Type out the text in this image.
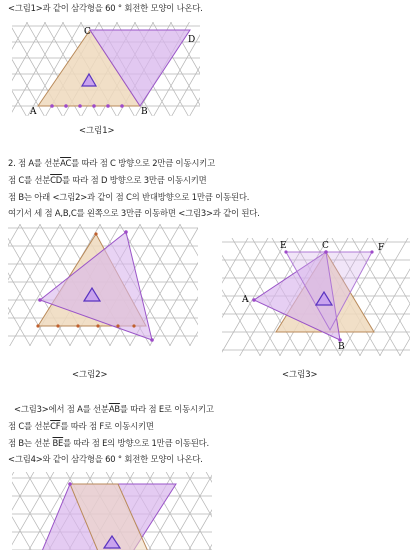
<그림1>과 같이 삼각형을 60 ° 회전한 모양이 나온다.
C
D
A	B
E	C	F
A
B
<그림1>
2. 점 A를 선분$\overline{AC}$를 따라 점 C 방향으로 2만큼 이동시키고
점 C를 선분$\overline{CD}$를 따라 점 D 방향으로 3만큼 이동시키면
점 B는 아래 <그림2>과 같이 점 C의 반대방향으로 1만큼 이동된다.
여기서 세 점 A,B,C를 왼쪽으로 3만큼 이동하면 <그림3>과 같이 된다.
<그림2>	<그림3>
<그림3>에서 점 A를 선분$\overline{AB}$를 따라 점 E로 이동시키고
점 C를 선분$\overline{CF}$를 따라 점 F로 이동시키면
점 B는 선분 $\overline{BE}$를 따라 점 E의 방향으로 1만큼 이동된다.
<그림4>와 같이 삼각형을 60 ° 회전한 모양이 나온다.
